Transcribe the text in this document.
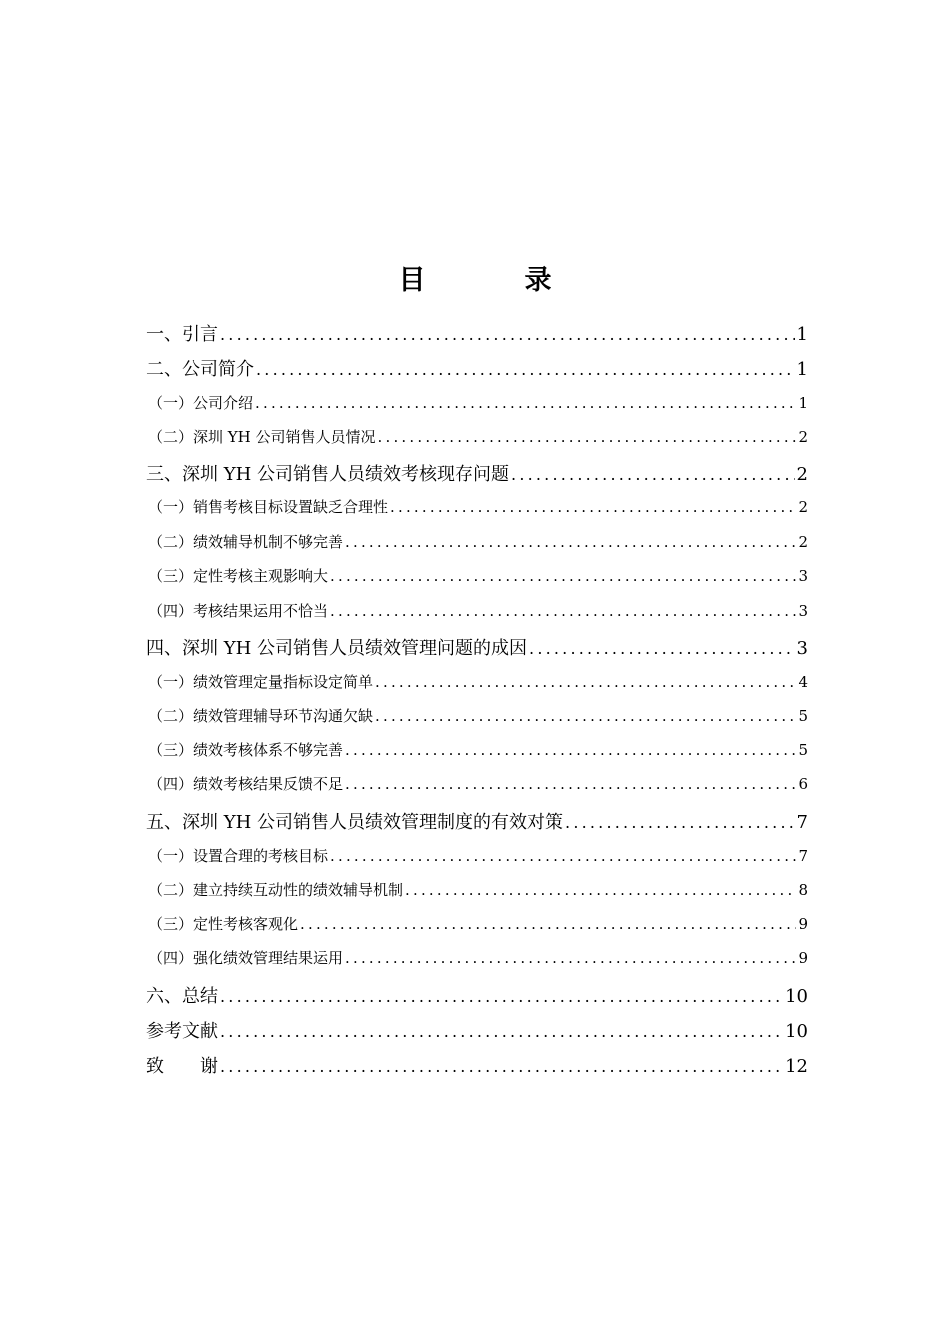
目　录
一、引言 .....	1
二、公司简介 .....	1
（一）公司介绍 .....	1
（二）深圳 YH 公司销售人员情况 .....	2
三、深圳 YH 公司销售人员绩效考核现存问题 .....	2
（一）销售考核目标设置缺乏合理性 .....	2
（二）绩效辅导机制不够完善 .....	2
（三）定性考核主观影响大 .....	3
（四）考核结果运用不恰当 .....	3
四、深圳 YH 公司销售人员绩效管理问题的成因 .....	3
（一）绩效管理定量指标设定简单 .....	4
（二）绩效管理辅导环节沟通欠缺 .....	5
（三）绩效考核体系不够完善 .....	5
（四）绩效考核结果反馈不足 .....	6
五、深圳 YH 公司销售人员绩效管理制度的有效对策 .....	7
（一）设置合理的考核目标 .....	7
（二）建立持续互动性的绩效辅导机制 .....	8
（三）定性考核客观化 .....	9
（四）强化绩效管理结果运用 .....	9
六、总结 .....	10
参考文献 .....	10
致　　谢 .....	12
